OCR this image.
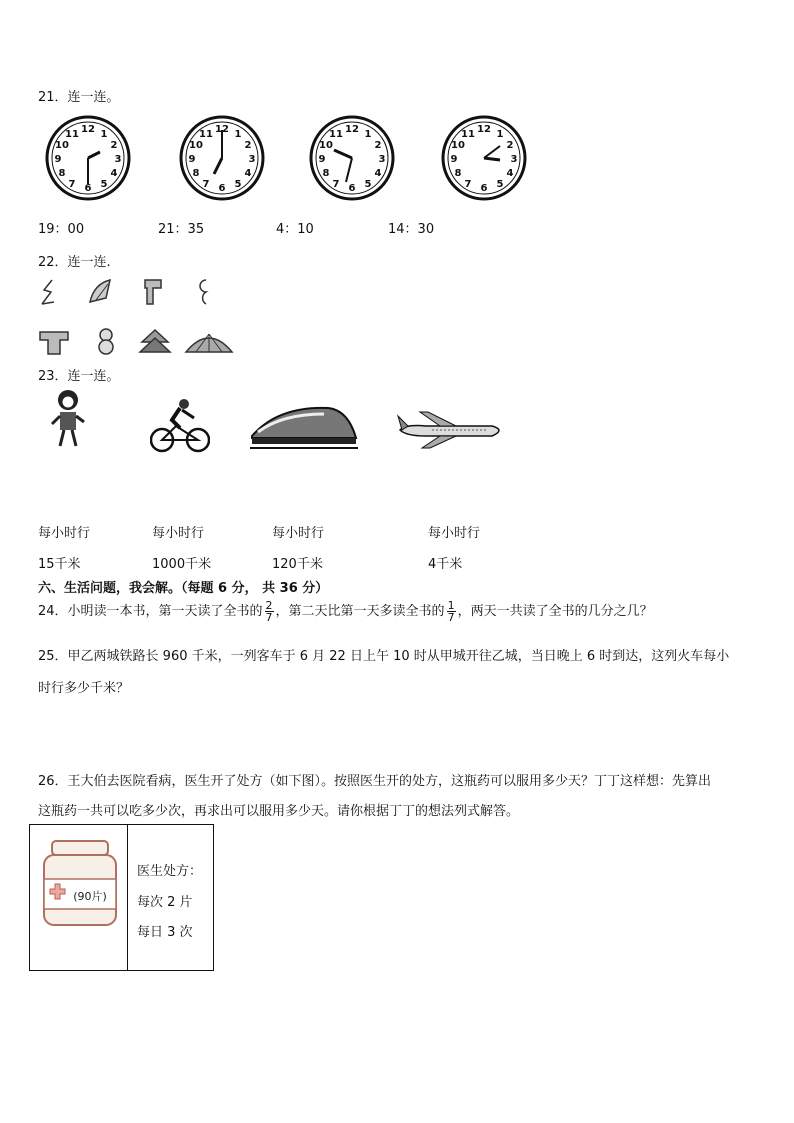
21．连一连。
12 1
2
3
4
5
6
7
8
9
10
11	12 1
2
3
4
5
6
7
8
9
10
11	12 1
2
3
4
5
6
7
8
9
10
11	12 1
2
3
4
5
6
7
8
9
10
11
19：00	21：35	4：10	14：30
22．连一连.
23．连一连。
每小时行	每小时行	每小时行	每小时行
15千米	1000千米	120千米	4千米
六、生活问题，我会解。（每题 6 分， 共 36 分）
24．小明读一本书，第一天读了全书的 $\frac{2}{7}$ ，第二天比第一天多读全书的 $\frac{1}{7}$ ，两天一共读了全书的几分之几？
25．甲乙两城铁路长 960 千米，一列客车于 6 月 22 日上午 10 时从甲城开往乙城，当日晚上 6 时到达，这列火车每小
时行多少千米？
26．王大伯去医院看病，医生开了处方（如下图）。按照医生开的处方，这瓶药可以服用多少天？丁丁这样想：先算出
这瓶药一共可以吃多少次，再求出可以服用多少天。请你根据丁丁的想法列式解答。
(90片)
医生处方：
每次 2 片
每日 3 次
